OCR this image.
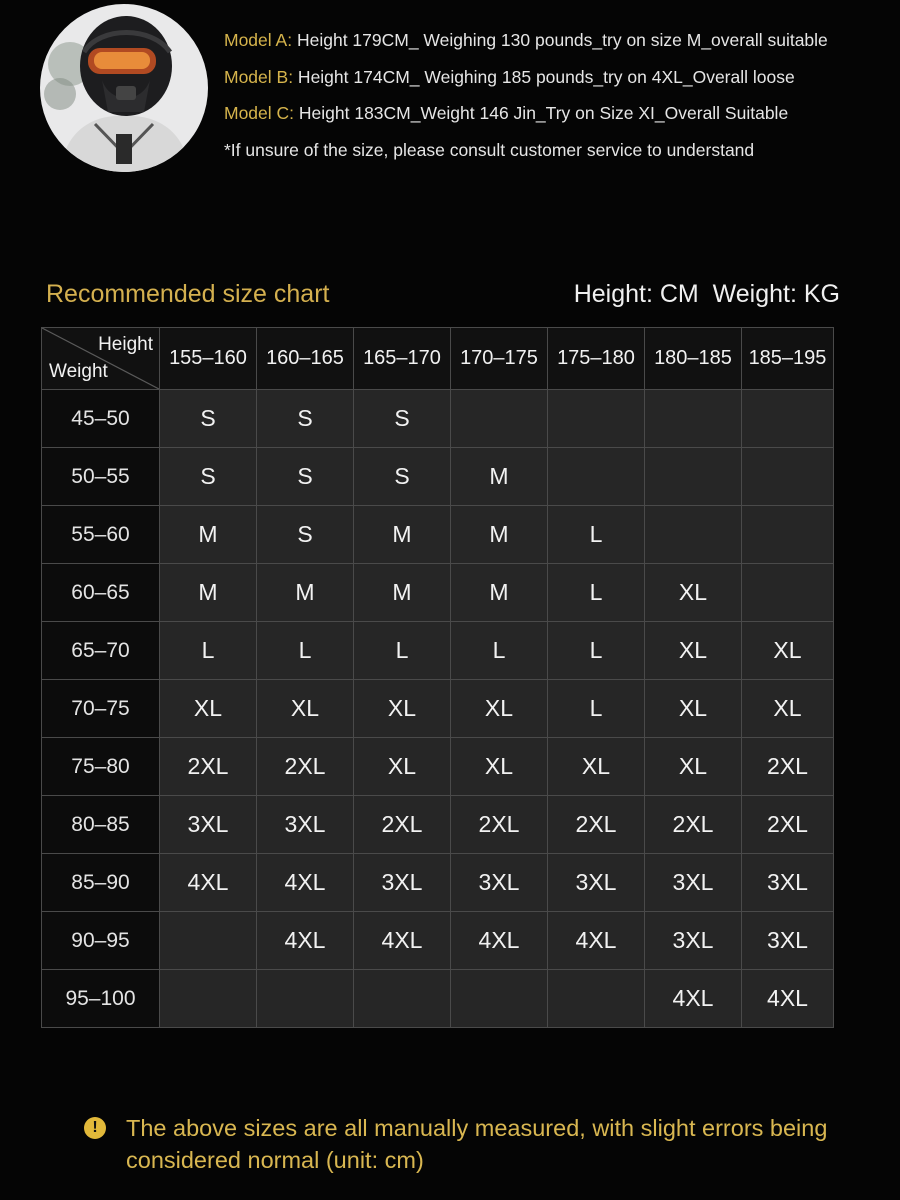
Model A: Height 179CM_ Weighing 130 pounds_try on size M_overall suitable
Model B: Height 174CM_ Weighing 185 pounds_try on 4XL_Overall loose
Model C: Height 183CM_Weight 146 Jin_Try on Size XI_Overall Suitable
*If unsure of the size, please consult customer service to understand
Recommended size chart	Height: CM  Weight: KG
Height
Weight	155–160	160–165	165–170	170–175	175–180	180–185	185–195
45–50	S	S	S				
50–55	S	S	S	M			
55–60	M	S	M	M	L		
60–65	M	M	M	M	L	XL	
65–70	L	L	L	L	L	XL	XL
70–75	XL	XL	XL	XL	L	XL	XL
75–80	2XL	2XL	XL	XL	XL	XL	2XL
80–85	3XL	3XL	2XL	2XL	2XL	2XL	2XL
85–90	4XL	4XL	3XL	3XL	3XL	3XL	3XL
90–95		4XL	4XL	4XL	4XL	3XL	3XL
95–100						4XL	4XL
!	The above sizes are all manually measured, with slight errors being considered normal (unit: cm)
